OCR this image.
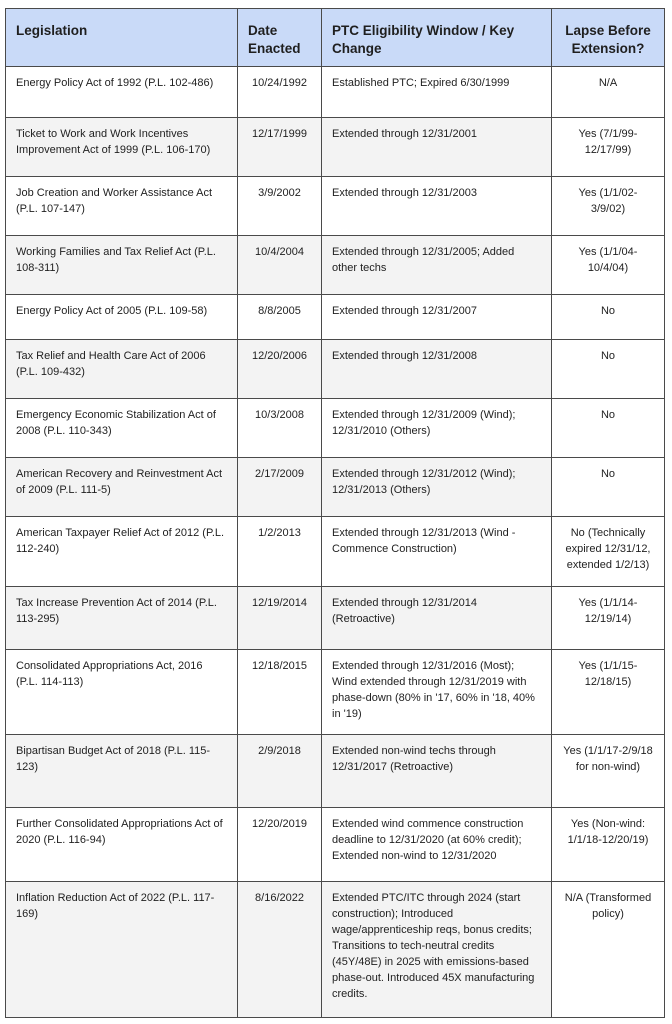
Legislation	Date Enacted	PTC Eligibility Window / Key Change	Lapse Before Extension?
Energy Policy Act of 1992 (P.L. 102-486)	10/24/1992	Established PTC; Expired 6/30/1999	N/A
Ticket to Work and Work Incentives Improvement Act of 1999 (P.L. 106-170)	12/17/1999	Extended through 12/31/2001	Yes (7/1/99-12/17/99)
Job Creation and Worker Assistance Act (P.L. 107-147)	3/9/2002	Extended through 12/31/2003	Yes (1/1/02-3/9/02)
Working Families and Tax Relief Act (P.L. 108-311)	10/4/2004	Extended through 12/31/2005; Added other techs	Yes (1/1/04-10/4/04)
Energy Policy Act of 2005 (P.L. 109-58)	8/8/2005	Extended through 12/31/2007	No
Tax Relief and Health Care Act of 2006 (P.L. 109-432)	12/20/2006	Extended through 12/31/2008	No
Emergency Economic Stabilization Act of 2008 (P.L. 110-343)	10/3/2008	Extended through 12/31/2009 (Wind); 12/31/2010 (Others)	No
American Recovery and Reinvestment Act of 2009 (P.L. 111-5)	2/17/2009	Extended through 12/31/2012 (Wind); 12/31/2013 (Others)	No
American Taxpayer Relief Act of 2012 (P.L. 112-240)	1/2/2013	Extended through 12/31/2013 (Wind - Commence Construction)	No (Technically expired 12/31/12, extended 1/2/13)
Tax Increase Prevention Act of 2014 (P.L. 113-295)	12/19/2014	Extended through 12/31/2014 (Retroactive)	Yes (1/1/14-12/19/14)
Consolidated Appropriations Act, 2016 (P.L. 114-113)	12/18/2015	Extended through 12/31/2016 (Most); Wind extended through 12/31/2019 with phase-down (80% in '17, 60% in '18, 40% in '19)	Yes (1/1/15-12/18/15)
Bipartisan Budget Act of 2018 (P.L. 115-123)	2/9/2018	Extended non-wind techs through 12/31/2017 (Retroactive)	Yes (1/1/17-2/9/18 for non-wind)
Further Consolidated Appropriations Act of 2020 (P.L. 116-94)	12/20/2019	Extended wind commence construction deadline to 12/31/2020 (at 60% credit); Extended non-wind to 12/31/2020	Yes (Non-wind: 1/1/18-12/20/19)
Inflation Reduction Act of 2022 (P.L. 117-169)	8/16/2022	Extended PTC/ITC through 2024 (start construction); Introduced wage/apprenticeship reqs, bonus credits; Transitions to tech-neutral credits (45Y/48E) in 2025 with emissions-based phase-out. Introduced 45X manufacturing credits.	N/A (Transformed policy)
